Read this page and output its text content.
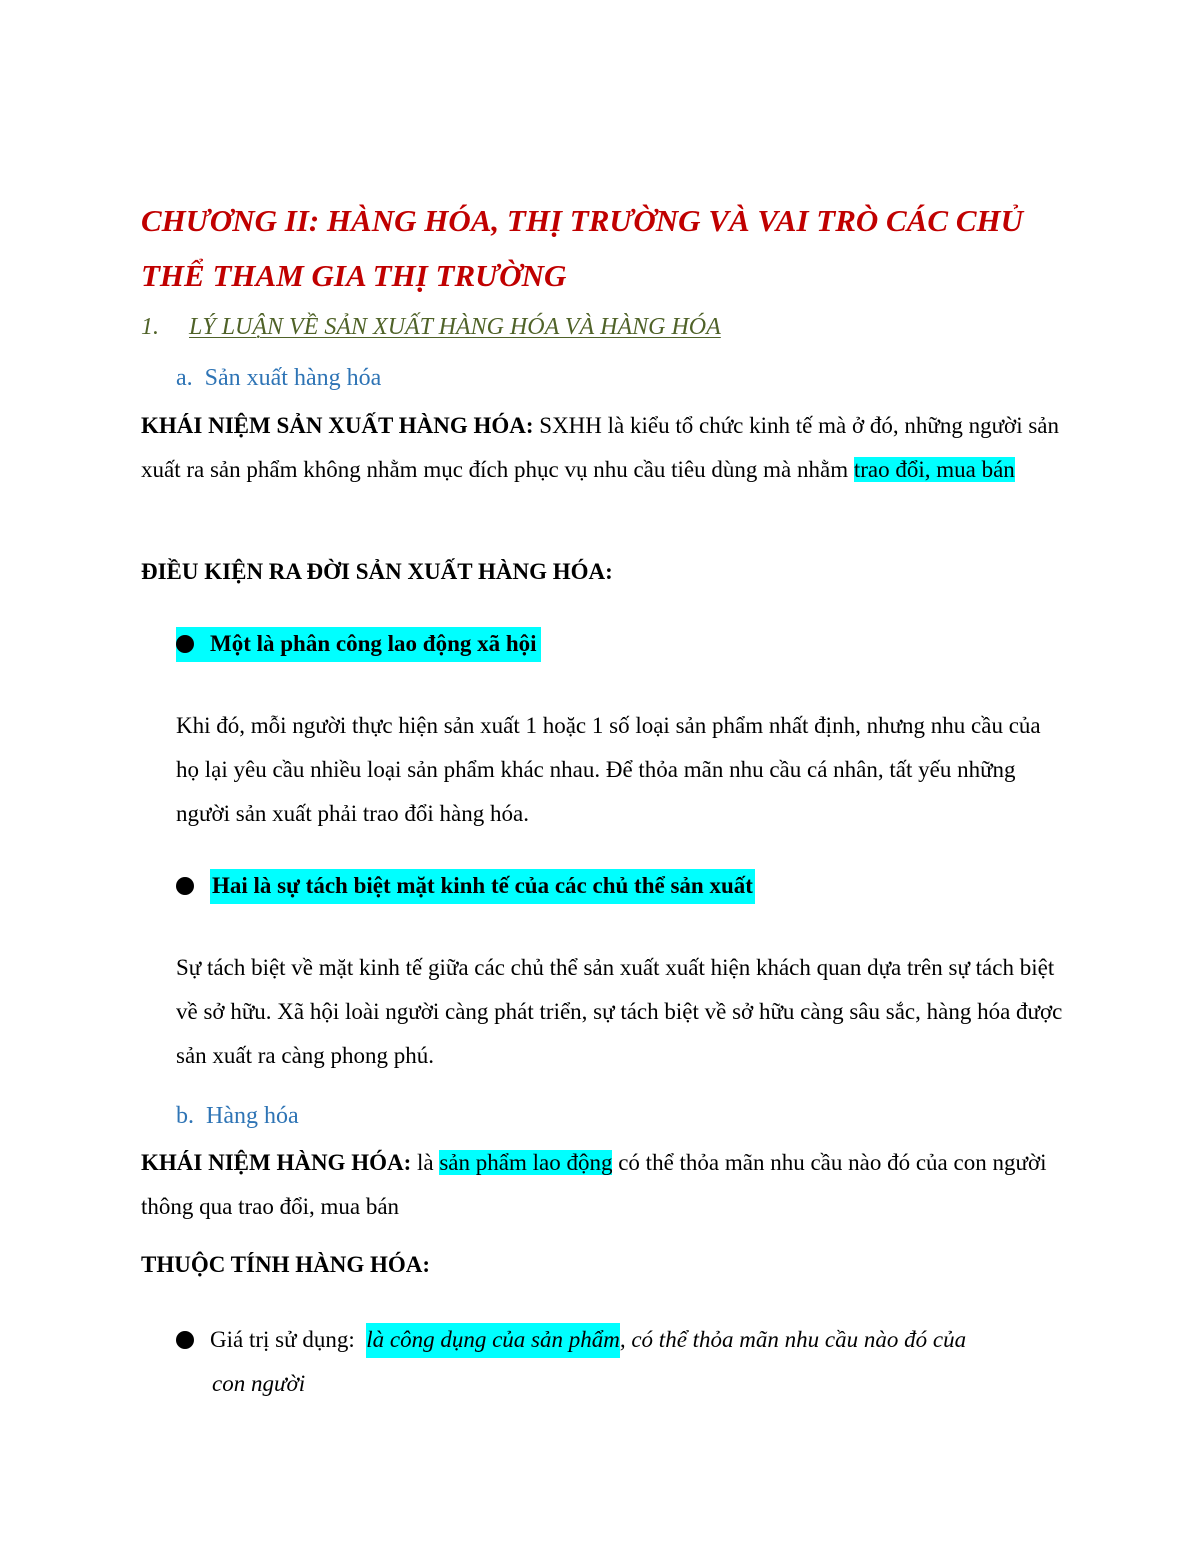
CHƯƠNG II: HÀNG HÓA, THỊ TRƯỜNG VÀ VAI TRÒ CÁC CHỦ THỂ THAM GIA THỊ TRƯỜNG
1. LÝ LUẬN VỀ SẢN XUẤT HÀNG HÓA VÀ HÀNG HÓA
a. Sản xuất hàng hóa

KHÁI NIỆM SẢN XUẤT HÀNG HÓA: SXHH là kiểu tổ chức kinh tế mà ở đó, những người sản xuất ra sản phẩm không nhằm mục đích phục vụ nhu cầu tiêu dùng mà nhằm trao đổi, mua bán

ĐIỀU KIỆN RA ĐỜI SẢN XUẤT HÀNG HÓA:
Một là phân công lao động xã hội

Khi đó, mỗi người thực hiện sản xuất 1 hoặc 1 số loại sản phẩm nhất định, nhưng nhu cầu của họ lại yêu cầu nhiều loại sản phẩm khác nhau. Để thỏa mãn nhu cầu cá nhân, tất yếu những người sản xuất phải trao đổi hàng hóa.

Hai là sự tách biệt mặt kinh tế của các chủ thể sản xuất

Sự tách biệt về mặt kinh tế giữa các chủ thể sản xuất xuất hiện khách quan dựa trên sự tách biệt về sở hữu. Xã hội loài người càng phát triển, sự tách biệt về sở hữu càng sâu sắc, hàng hóa được sản xuất ra càng phong phú.

b. Hàng hóa

KHÁI NIỆM HÀNG HÓA: là sản phẩm lao động có thể thỏa mãn nhu cầu nào đó của con người thông qua trao đổi, mua bán

THUỘC TÍNH HÀNG HÓA:
Giá trị sử dụng: là công dụng của sản phẩm, có thể thỏa mãn nhu cầu nào đó của
con người
